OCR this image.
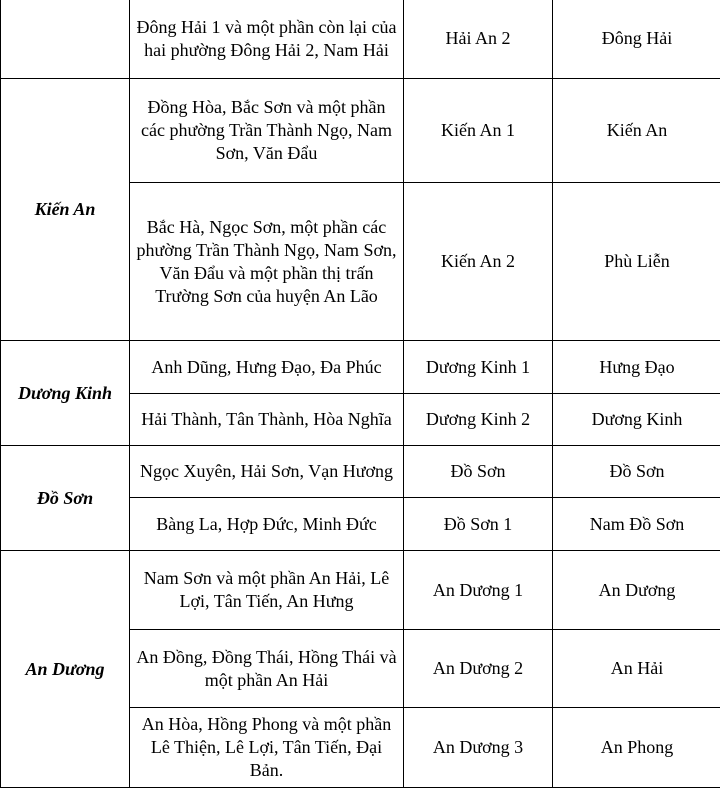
	Đông Hải 1 và một phần còn lại của hai phường Đông Hải 2, Nam Hải	Hải An 2	Đông Hải
Kiến An	Đồng Hòa, Bắc Sơn và một phần các phường Trần Thành Ngọ, Nam Sơn, Văn Đẩu	Kiến An 1	Kiến An
	Bắc Hà, Ngọc Sơn, một phần các phường Trần Thành Ngọ, Nam Sơn, Văn Đẩu và một phần thị trấn Trường Sơn của huyện An Lão	Kiến An 2	Phù Liễn
Dương Kinh	Anh Dũng, Hưng Đạo, Đa Phúc	Dương Kinh 1	Hưng Đạo
	Hải Thành, Tân Thành, Hòa Nghĩa	Dương Kinh 2	Dương Kinh
Đồ Sơn	Ngọc Xuyên, Hải Sơn, Vạn Hương	Đồ Sơn	Đồ Sơn
	Bàng La, Hợp Đức, Minh Đức	Đồ Sơn 1	Nam Đồ Sơn
An Dương	Nam Sơn và một phần An Hải, Lê Lợi, Tân Tiến, An Hưng	An Dương 1	An Dương
	An Đồng, Đồng Thái, Hồng Thái và một phần An Hải	An Dương 2	An Hải
	An Hòa, Hồng Phong và một phần Lê Thiện, Lê Lợi, Tân Tiến, Đại Bản.	An Dương 3	An Phong
